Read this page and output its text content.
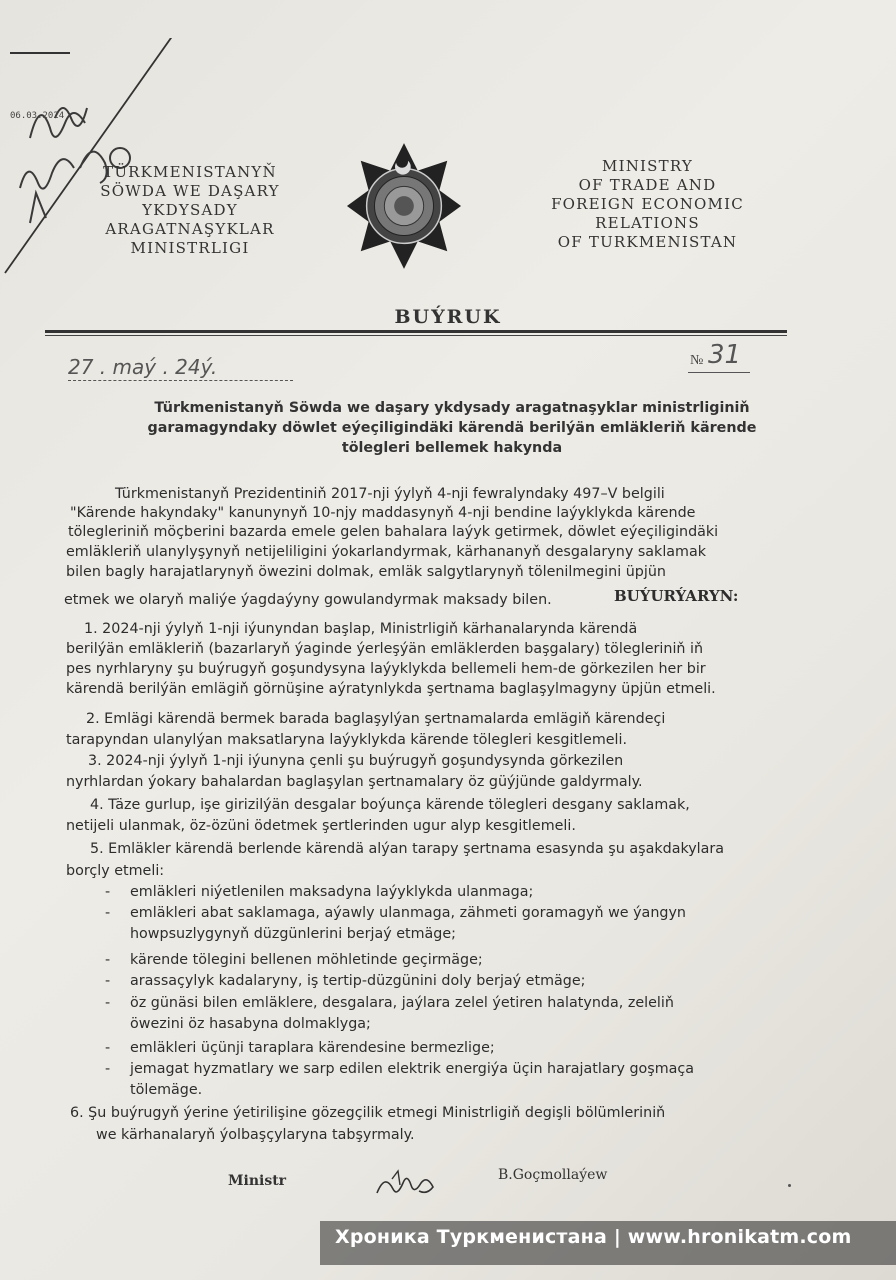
06.03.2024
TÜRKMENISTANYŇ
SÖWDA WE DAŞARY
YKDYSADY
ARAGATNAŞYKLAR
MINISTRLIGI
MINISTRY
OF TRADE AND
FOREIGN ECONOMIC
RELATIONS
OF TURKMENISTAN
BUÝRUK
27 . maý . 24ý.	№ 31
Türkmenistanyň Söwda we daşary ykdysady aragatnaşyklar ministrliginiň
garamagyndaky döwlet eýeçiligindäki kärendä berilýän emläkleriň kärende
tölegleri bellemek hakynda
Türkmenistanyň Prezidentiniň 2017-nji ýylyň 4-nji fewralyndaky 497–V belgili
"Kärende hakyndaky" kanunynyň 10-njy maddasynyň 4-nji bendine laýyklykda kärende
tölegleriniň möçberini bazarda emele gelen bahalara laýyk getirmek, döwlet eýeçiligindäki
emläkleriň ulanylyşynyň netijeliligini ýokarlandyrmak, kärhananyň desgalaryny saklamak
bilen bagly harajatlarynyň öwezini dolmak, emläk salgytlarynyň tölenilmegini üpjün
etmek we olaryň maliýe ýagdaýyny gowulandyrmak maksady bilen.	BUÝURÝARYN:
1. 2024-nji ýylyň 1-nji iýunyndan başlap, Ministrligiň kärhanalarynda kärendä
berilýän emläkleriň (bazarlaryň ýaginde ýerleşýän emläklerden başgalary) tölegleriniň iň
pes nyrhlaryny şu buýrugyň goşundysyna laýyklykda bellemeli hem-de görkezilen her bir
kärendä berilýän emlägiň görnüşine aýratynlykda şertnama baglaşylmagyny üpjün etmeli.
2. Emlägi kärendä bermek barada baglaşylýan şertnamalarda emlägiň kärendeçi
tarapyndan ulanylýan maksatlaryna laýyklykda kärende tölegleri kesgitlemeli.
3. 2024-nji ýylyň 1-nji iýunyna çenli şu buýrugyň goşundysynda görkezilen
nyrhlardan ýokary bahalardan baglaşylan şertnamalary öz güýjünde galdyrmaly.
4. Täze gurlup, işe girizilýän desgalar boýunça kärende tölegleri desgany saklamak,
netijeli ulanmak, öz-özüni ödetmek şertlerinden ugur alyp kesgitlemeli.
5. Emläkler kärendä berlende kärendä alýan tarapy şertnama esasynda şu aşakdakylara
borçly etmeli:
- emläkleri niýetlenilen maksadyna laýyklykda ulanmaga;
- emläkleri abat saklamaga, aýawly ulanmaga, zähmeti goramagyň we ýangyn
howpsuzlygynyň düzgünlerini berjaý etmäge;
- kärende tölegini bellenen möhletinde geçirmäge;
- arassaçylyk kadalaryny, iş tertip-düzgünini doly berjaý etmäge;
- öz günäsi bilen emläklere, desgalara, jaýlara zelel ýetiren halatynda, zeleliň
öwezini öz hasabyna dolmaklyga;
- emläkleri üçünji taraplara kärendesine bermezlige;
- jemagat hyzmatlary we sarp edilen elektrik energiýa üçin harajatlary goşmaça
tölemäge.
6. Şu buýrugyň ýerine ýetirilişine gözegçilik etmegi Ministrligiň degişli bölümleriniň
we kärhanalaryň ýolbaşçylaryna tabşyrmaly.
Ministr	B.Goçmollaýew
Хроника Туркменистана | www.hronikatm.com
